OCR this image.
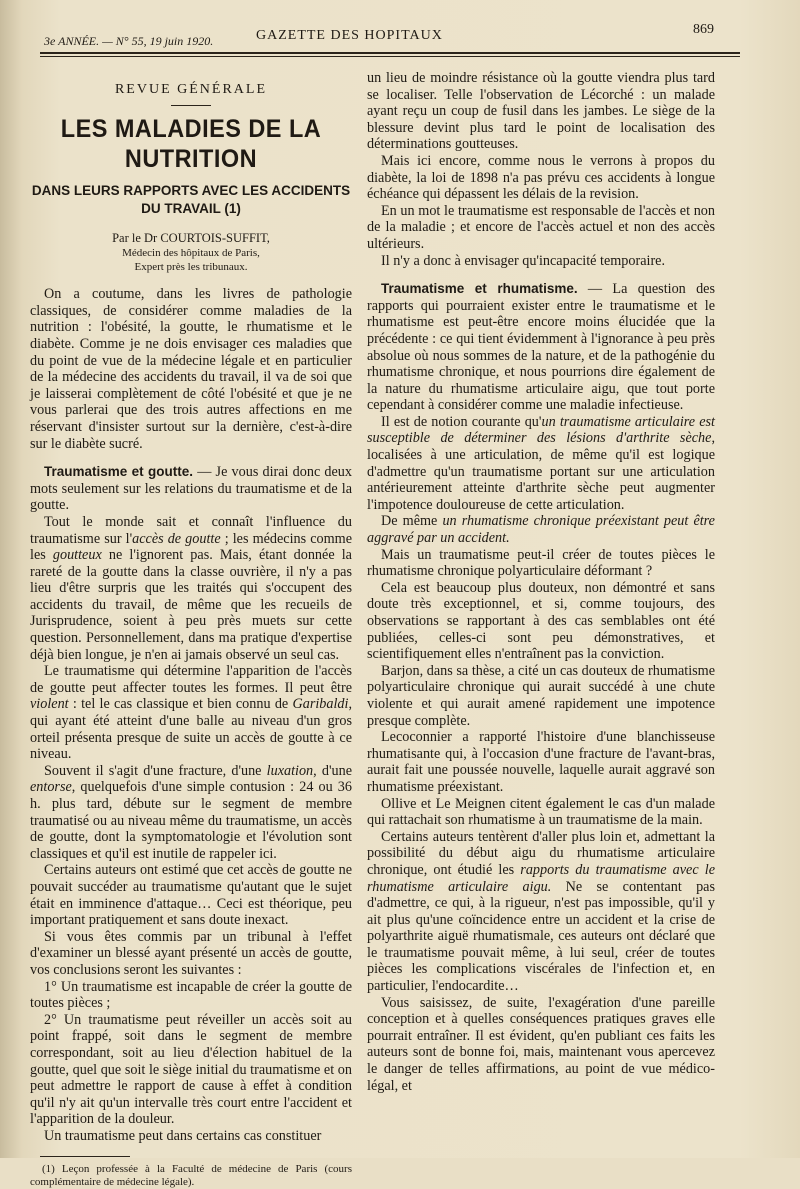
3e ANNÉE. — N° 55, 19 juin 1920.	GAZETTE DES HOPITAUX	869
REVUE GÉNÉRALE
LES MALADIES DE LA NUTRITION
DANS LEURS RAPPORTS AVEC LES ACCIDENTS
DU TRAVAIL (1)
Par le Dr COURTOIS-SUFFIT,
Médecin des hôpitaux de Paris,
Expert près les tribunaux.

On a coutume, dans les livres de pathologie classiques, de considérer comme maladies de la nutrition : l'obésité, la goutte, le rhumatisme et le diabète. Comme je ne dois envisager ces maladies que du point de vue de la médecine légale et en particulier de la médecine des accidents du travail, il va de soi que je laisserai complètement de côté l'obésité et que je ne vous parlerai que des trois autres affections en me réservant d'insister surtout sur la dernière, c'est-à-dire sur le diabète sucré.

Traumatisme et goutte. — Je vous dirai donc deux mots seulement sur les relations du traumatisme et de la goutte.

Tout le monde sait et connaît l'influence du traumatisme sur l'accès de goutte ; les médecins comme les goutteux ne l'ignorent pas. Mais, étant donnée la rareté de la goutte dans la classe ouvrière, il n'y a pas lieu d'être surpris que les traités qui s'occupent des accidents du travail, de même que les recueils de Jurisprudence, soient à peu près muets sur cette question. Personnellement, dans ma pratique d'expertise déjà bien longue, je n'en ai jamais observé un seul cas.

Le traumatisme qui détermine l'apparition de l'accès de goutte peut affecter toutes les formes. Il peut être violent : tel le cas classique et bien connu de Garibaldi, qui ayant été atteint d'une balle au niveau d'un gros orteil présenta presque de suite un accès de goutte à ce niveau.

Souvent il s'agit d'une fracture, d'une luxation, d'une entorse, quelquefois d'une simple contusion : 24 ou 36 h. plus tard, débute sur le segment de membre traumatisé ou au niveau même du traumatisme, un accès de goutte, dont la symptomatologie et l'évolution sont classiques et qu'il est inutile de rappeler ici.

Certains auteurs ont estimé que cet accès de goutte ne pouvait succéder au traumatisme qu'autant que le sujet était en imminence d'attaque… Ceci est théorique, peu important pratiquement et sans doute inexact.

Si vous êtes commis par un tribunal à l'effet d'examiner un blessé ayant présenté un accès de goutte, vos conclusions seront les suivantes :

1° Un traumatisme est incapable de créer la goutte de toutes pièces ;

2° Un traumatisme peut réveiller un accès soit au point frappé, soit dans le segment de membre correspondant, soit au lieu d'élection habituel de la goutte, quel que soit le siège initial du traumatisme et on peut admettre le rapport de cause à effet à condition qu'il n'y ait qu'un intervalle très court entre l'accident et l'apparition de la douleur.

Un traumatisme peut dans certains cas constituer

(1) Leçon professée à la Faculté de médecine de Paris (cours complémentaire de médecine légale).

un lieu de moindre résistance où la goutte viendra plus tard se localiser. Telle l'observation de Lécorché : un malade ayant reçu un coup de fusil dans les jambes. Le siège de la blessure devint plus tard le point de localisation des déterminations goutteuses.

Mais ici encore, comme nous le verrons à propos du diabète, la loi de 1898 n'a pas prévu ces accidents à longue échéance qui dépassent les délais de la revision.

En un mot le traumatisme est responsable de l'accès et non de la maladie ; et encore de l'accès actuel et non des accès ultérieurs.

Il n'y a donc à envisager qu'incapacité temporaire.

Traumatisme et rhumatisme. — La question des rapports qui pourraient exister entre le traumatisme et le rhumatisme est peut-être encore moins élucidée que la précédente : ce qui tient évidemment à l'ignorance à peu près absolue où nous sommes de la nature, et de la pathogénie du rhumatisme chronique, et nous pourrions dire également de la nature du rhumatisme articulaire aigu, que tout porte cependant à considérer comme une maladie infectieuse.

Il est de notion courante qu'un traumatisme articulaire est susceptible de déterminer des lésions d'arthrite sèche, localisées à une articulation, de même qu'il est logique d'admettre qu'un traumatisme portant sur une articulation antérieurement atteinte d'arthrite sèche peut augmenter l'impotence douloureuse de cette articulation.

De même un rhumatisme chronique préexistant peut être aggravé par un accident.

Mais un traumatisme peut-il créer de toutes pièces le rhumatisme chronique polyarticulaire déformant ?

Cela est beaucoup plus douteux, non démontré et sans doute très exceptionnel, et si, comme toujours, des observations se rapportant à des cas semblables ont été publiées, celles-ci sont peu démonstratives, et scientifiquement elles n'entraînent pas la conviction.

Barjon, dans sa thèse, a cité un cas douteux de rhumatisme polyarticulaire chronique qui aurait succédé à une chute violente et qui aurait amené rapidement une impotence presque complète.

Lecoconnier a rapporté l'histoire d'une blanchisseuse rhumatisante qui, à l'occasion d'une fracture de l'avant-bras, aurait fait une poussée nouvelle, laquelle aurait aggravé son rhumatisme préexistant.

Ollive et Le Meignen citent également le cas d'un malade qui rattachait son rhumatisme à un traumatisme de la main.

Certains auteurs tentèrent d'aller plus loin et, admettant la possibilité du début aigu du rhumatisme articulaire chronique, ont étudié les rapports du traumatisme avec le rhumatisme articulaire aigu. Ne se contentant pas d'admettre, ce qui, à la rigueur, n'est pas impossible, qu'il y ait plus qu'une coïncidence entre un accident et la crise de polyarthrite aiguë rhumatismale, ces auteurs ont déclaré que le traumatisme pouvait même, à lui seul, créer de toutes pièces les complications viscérales de l'infection et, en particulier, l'endocardite…

Vous saisissez, de suite, l'exagération d'une pareille conception et à quelles conséquences pratiques graves elle pourrait entraîner. Il est évident, qu'en publiant ces faits les auteurs sont de bonne foi, mais, maintenant vous apercevez le danger de telles affirmations, au point de vue médico-légal, et
